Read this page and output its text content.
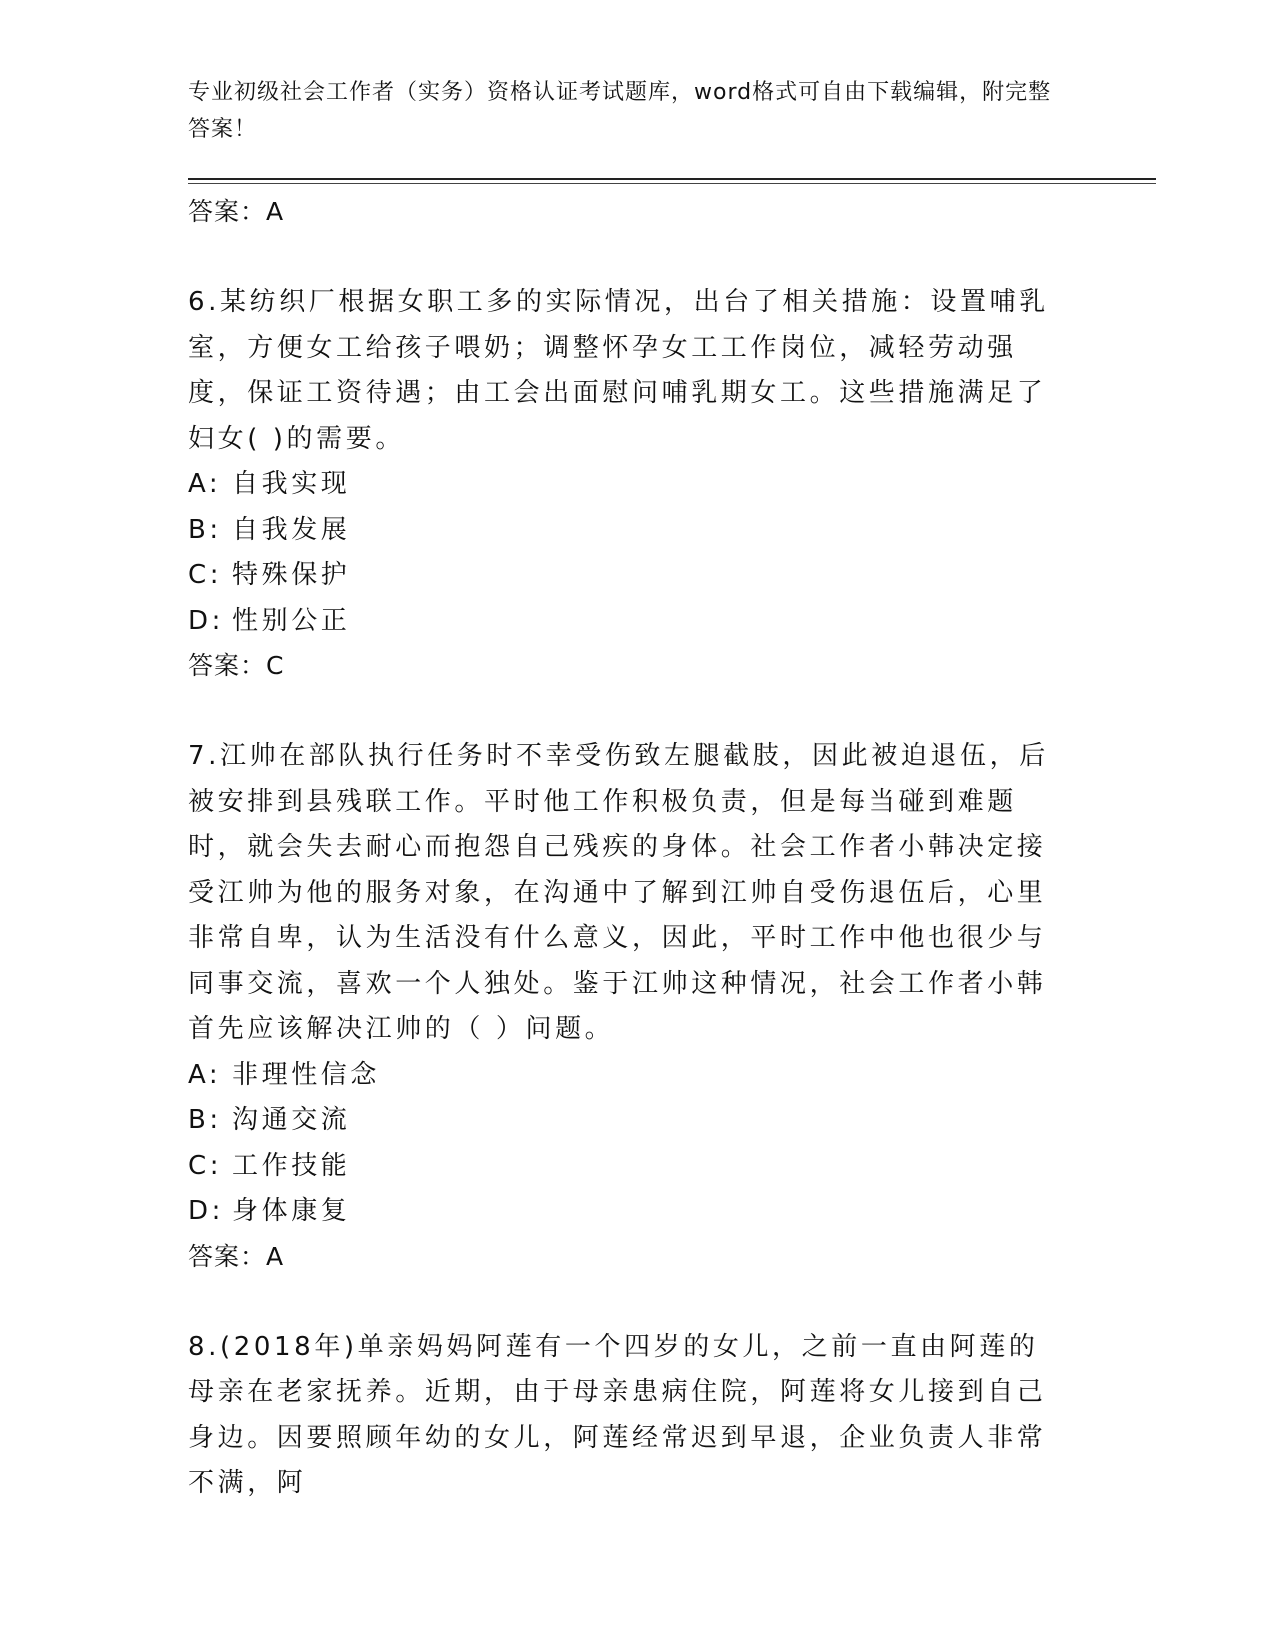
专业初级社会工作者（实务）资格认证考试题库，word格式可自由下载编辑，附完整答案！
答案：A

6.某纺织厂根据女职工多的实际情况，出台了相关措施：设置哺乳室，方便女工给孩子喂奶；调整怀孕女工工作岗位，减轻劳动强度，保证工资待遇；由工会出面慰问哺乳期女工。这些措施满足了妇女( )的需要。

A: 自我实现
B: 自我发展
C: 特殊保护
D: 性别公正
答案：C

7.江帅在部队执行任务时不幸受伤致左腿截肢，因此被迫退伍，后被安排到县残联工作。平时他工作积极负责，但是每当碰到难题时，就会失去耐心而抱怨自己残疾的身体。社会工作者小韩决定接受江帅为他的服务对象，在沟通中了解到江帅自受伤退伍后，心里非常自卑，认为生活没有什么意义，因此，平时工作中他也很少与同事交流，喜欢一个人独处。鉴于江帅这种情况，社会工作者小韩首先应该解决江帅的（ ）问题。

A: 非理性信念
B: 沟通交流
C: 工作技能
D: 身体康复
答案：A

8.(2018年)单亲妈妈阿莲有一个四岁的女儿，之前一直由阿莲的母亲在老家抚养。近期，由于母亲患病住院，阿莲将女儿接到自己身边。因要照顾年幼的女儿，阿莲经常迟到早退，企业负责人非常不满，阿
